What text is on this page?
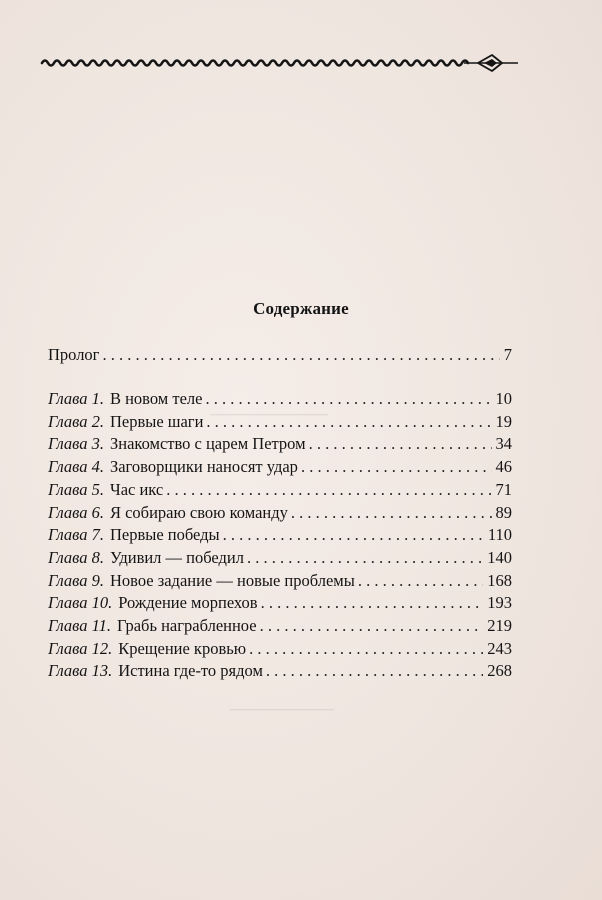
▁▁▁▁▁▁▁▁▁▁▁▁▁▁▁▁▁
▁▁▁▁▁▁▁▁▁▁▁▁▁▁▁
Содержание
Пролог . . .	7
Глава 1. В новом теле . . .	10
Глава 2. Первые шаги . . .	19
Глава 3. Знакомство с царем Петром . . .	34
Глава 4. Заговорщики наносят удар . . .	46
Глава 5. Час икс . . .	71
Глава 6. Я собираю свою команду . . .	89
Глава 7. Первые победы . . .	110
Глава 8. Удивил — победил . . .	140
Глава 9. Новое задание — новые проблемы . . .	168
Глава 10. Рождение морпехов . . .	193
Глава 11. Грабь награбленное . . .	219
Глава 12. Крещение кровью . . .	243
Глава 13. Истина где-то рядом . . .	268
